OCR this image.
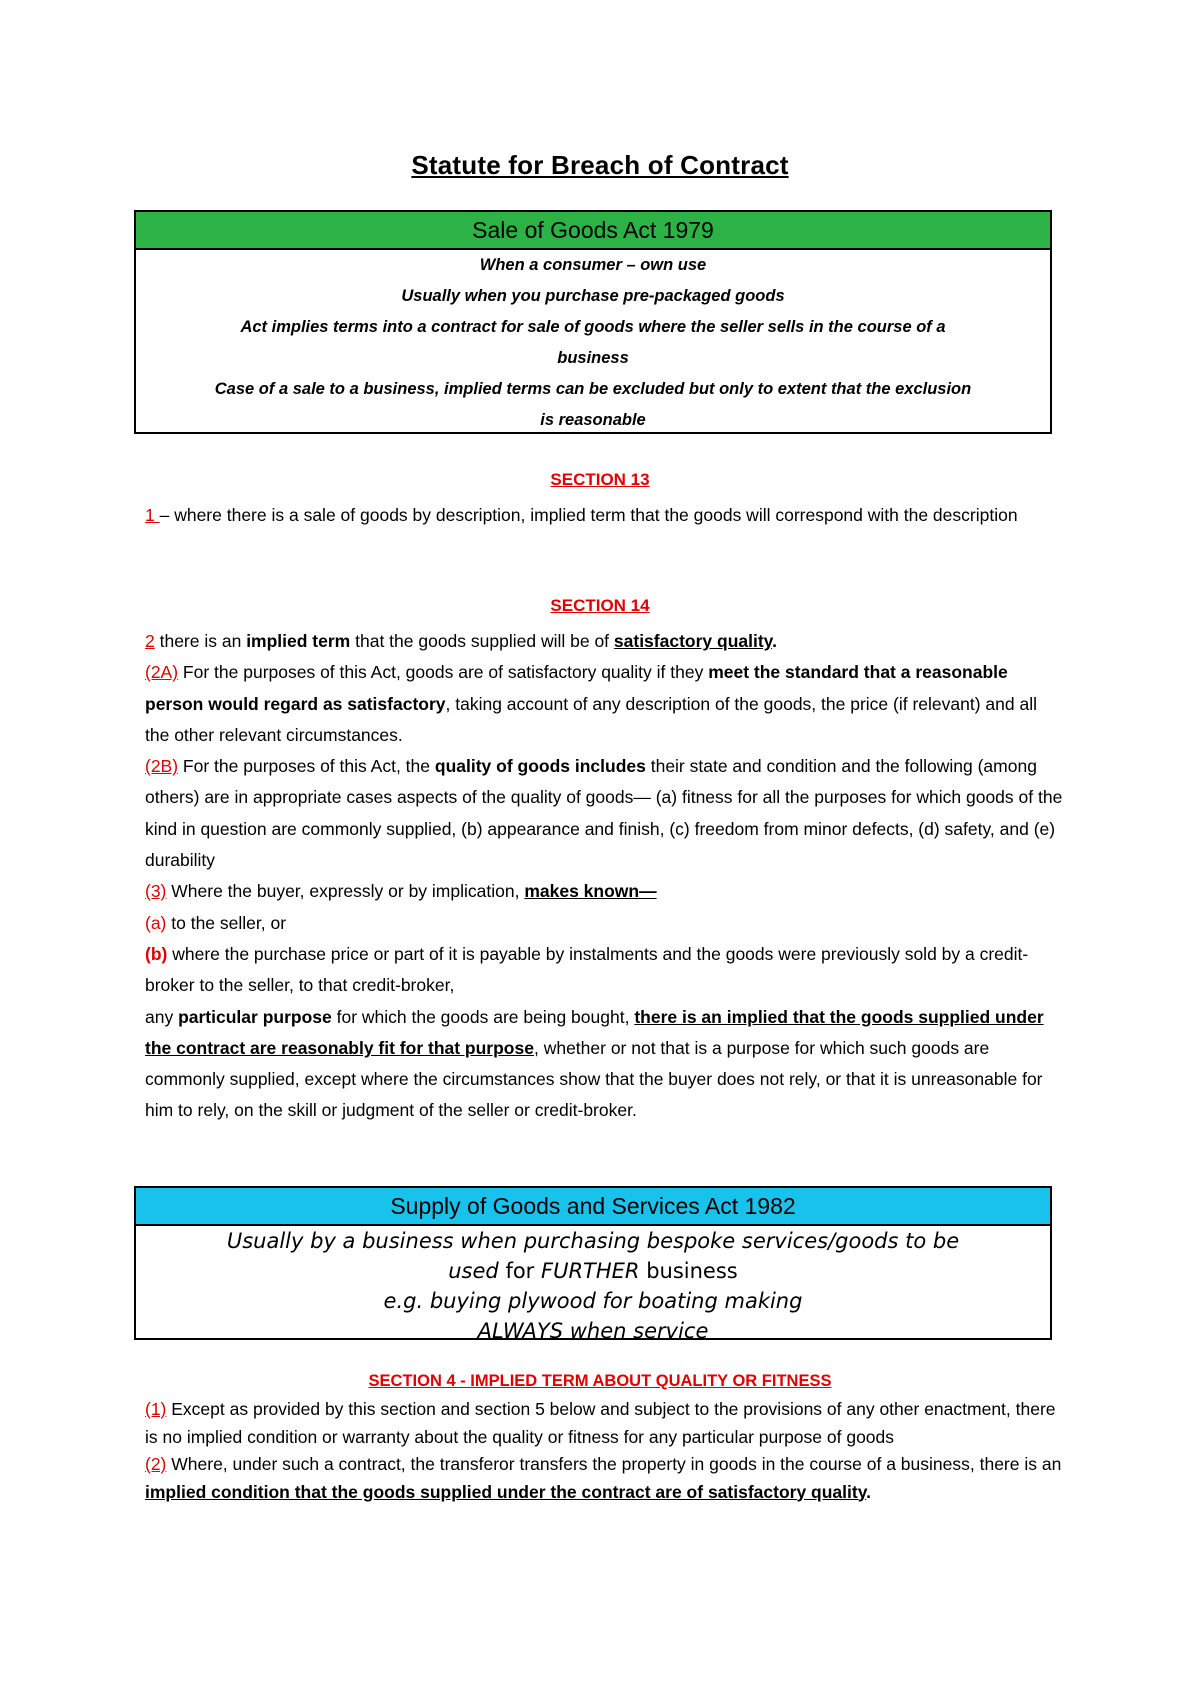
Statute for Breach of Contract
Sale of Goods Act 1979
When a consumer – own use
Usually when you purchase pre-packaged goods
Act implies terms into a contract for sale of goods where the seller sells in the course of a
business
Case of a sale to a business, implied terms can be excluded but only to extent that the exclusion
is reasonable
SECTION 13

1 – where there is a sale of goods by description, implied term that the goods will correspond with the description

SECTION 14

2 there is an implied term that the goods supplied will be of satisfactory quality.

(2A) For the purposes of this Act, goods are of satisfactory quality if they meet the standard that a reasonable person would regard as satisfactory, taking account of any description of the goods, the price (if relevant) and all the other relevant circumstances.

(2B) For the purposes of this Act, the quality of goods includes their state and condition and the following (among others) are in appropriate cases aspects of the quality of goods— (a) fitness for all the purposes for which goods of the kind in question are commonly supplied, (b) appearance and finish, (c) freedom from minor defects, (d) safety, and (e) durability

(3) Where the buyer, expressly or by implication, makes known—

(a) to the seller, or

(b) where the purchase price or part of it is payable by instalments and the goods were previously sold by a credit-broker to the seller, to that credit-broker,

any particular purpose for which the goods are being bought, there is an implied that the goods supplied under the contract are reasonably fit for that purpose, whether or not that is a purpose for which such goods are commonly supplied, except where the circumstances show that the buyer does not rely, or that it is unreasonable for him to rely, on the skill or judgment of the seller or credit-broker.

Supply of Goods and Services Act 1982
Usually by a business when purchasing bespoke services/goods to be
used for FURTHER business
e.g. buying plywood for boating making
ALWAYS when service
SECTION 4 - IMPLIED TERM ABOUT QUALITY OR FITNESS

(1) Except as provided by this section and section 5 below and subject to the provisions of any other enactment, there is no implied condition or warranty about the quality or fitness for any particular purpose of goods

(2) Where, under such a contract, the transferor transfers the property in goods in the course of a business, there is an implied condition that the goods supplied under the contract are of satisfactory quality.
